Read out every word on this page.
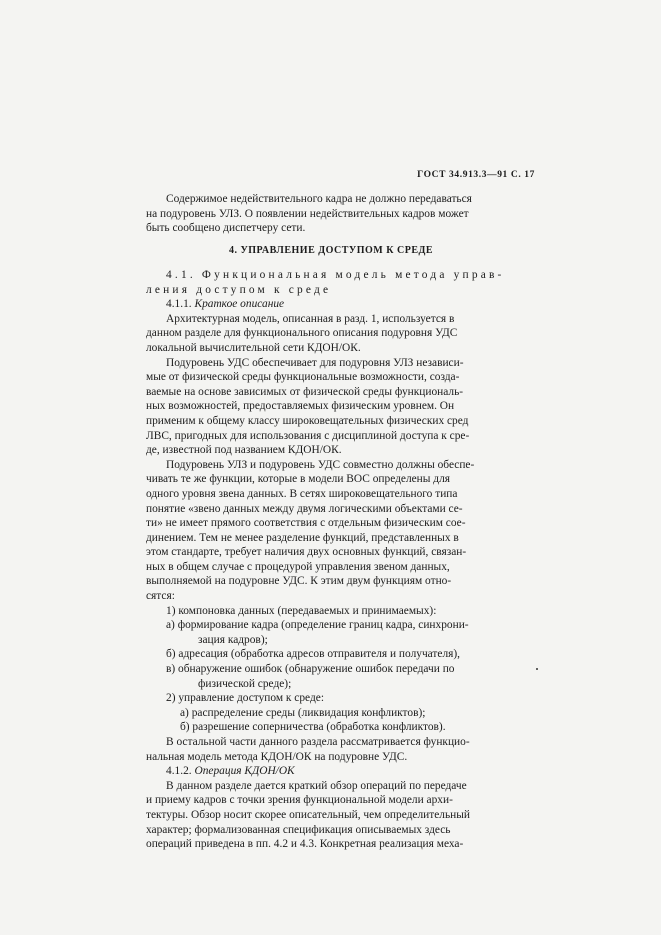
ГОСТ 34.913.3—91 С. 17

Содержимое недействительного кадра не должно передаваться

на подуровень УЛЗ. О появлении недействительных кадров может

быть сообщено диспетчеру сети.

4. УПРАВЛЕНИЕ ДОСТУПОМ К СРЕДЕ

4.1. Функциональная модель метода управ-

ления доступом к среде

4.1.1. Краткое описание

Архитектурная модель, описанная в разд. 1, используется в

данном разделе для функционального описания подуровня УДС

локальной вычислительной сети КДОН/ОК.

Подуровень УДС обеспечивает для подуровня УЛЗ независи-

мые от физической среды функциональные возможности, созда-

ваемые на основе зависимых от физической среды функциональ-

ных возможностей, предоставляемых физическим уровнем. Он

применим к общему классу широковещательных физических сред

ЛВС, пригодных для использования с дисциплиной доступа к сре-

де, известной под названием КДОН/ОК.

Подуровень УЛЗ и подуровень УДС совместно должны обеспе-

чивать те же функции, которые в модели ВОС определены для

одного уровня звена данных. В сетях широковещательного типа

понятие «звено данных между двумя логическими объектами се-

ти» не имеет прямого соответствия с отдельным физическим сое-

динением. Тем не менее разделение функций, представленных в

этом стандарте, требует наличия двух основных функций, связан-

ных в общем случае с процедурой управления звеном данных,

выполняемой на подуровне УДС. К этим двум функциям отно-

сятся:

1) компоновка данных (передаваемых и принимаемых):

а) формирование кадра (определение границ кадра, синхрони-

зация кадров);

б) адресация (обработка адресов отправителя и получателя),

в) обнаружение ошибок (обнаружение ошибок передачи по

физической среде);

2) управление доступом к среде:

а) распределение среды (ликвидация конфликтов);

б) разрешение соперничества (обработка конфликтов).

В остальной части данного раздела рассматривается функцио-

нальная модель метода КДОН/ОК на подуровне УДС.

4.1.2. Операция КДОН/ОК

В данном разделе дается краткий обзор операций по передаче

и приему кадров с точки зрения функциональной модели архи-

тектуры. Обзор носит скорее описательный, чем определительный

характер; формализованная спецификация описываемых здесь

операций приведена в пп. 4.2 и 4.3. Конкретная реализация меха-
